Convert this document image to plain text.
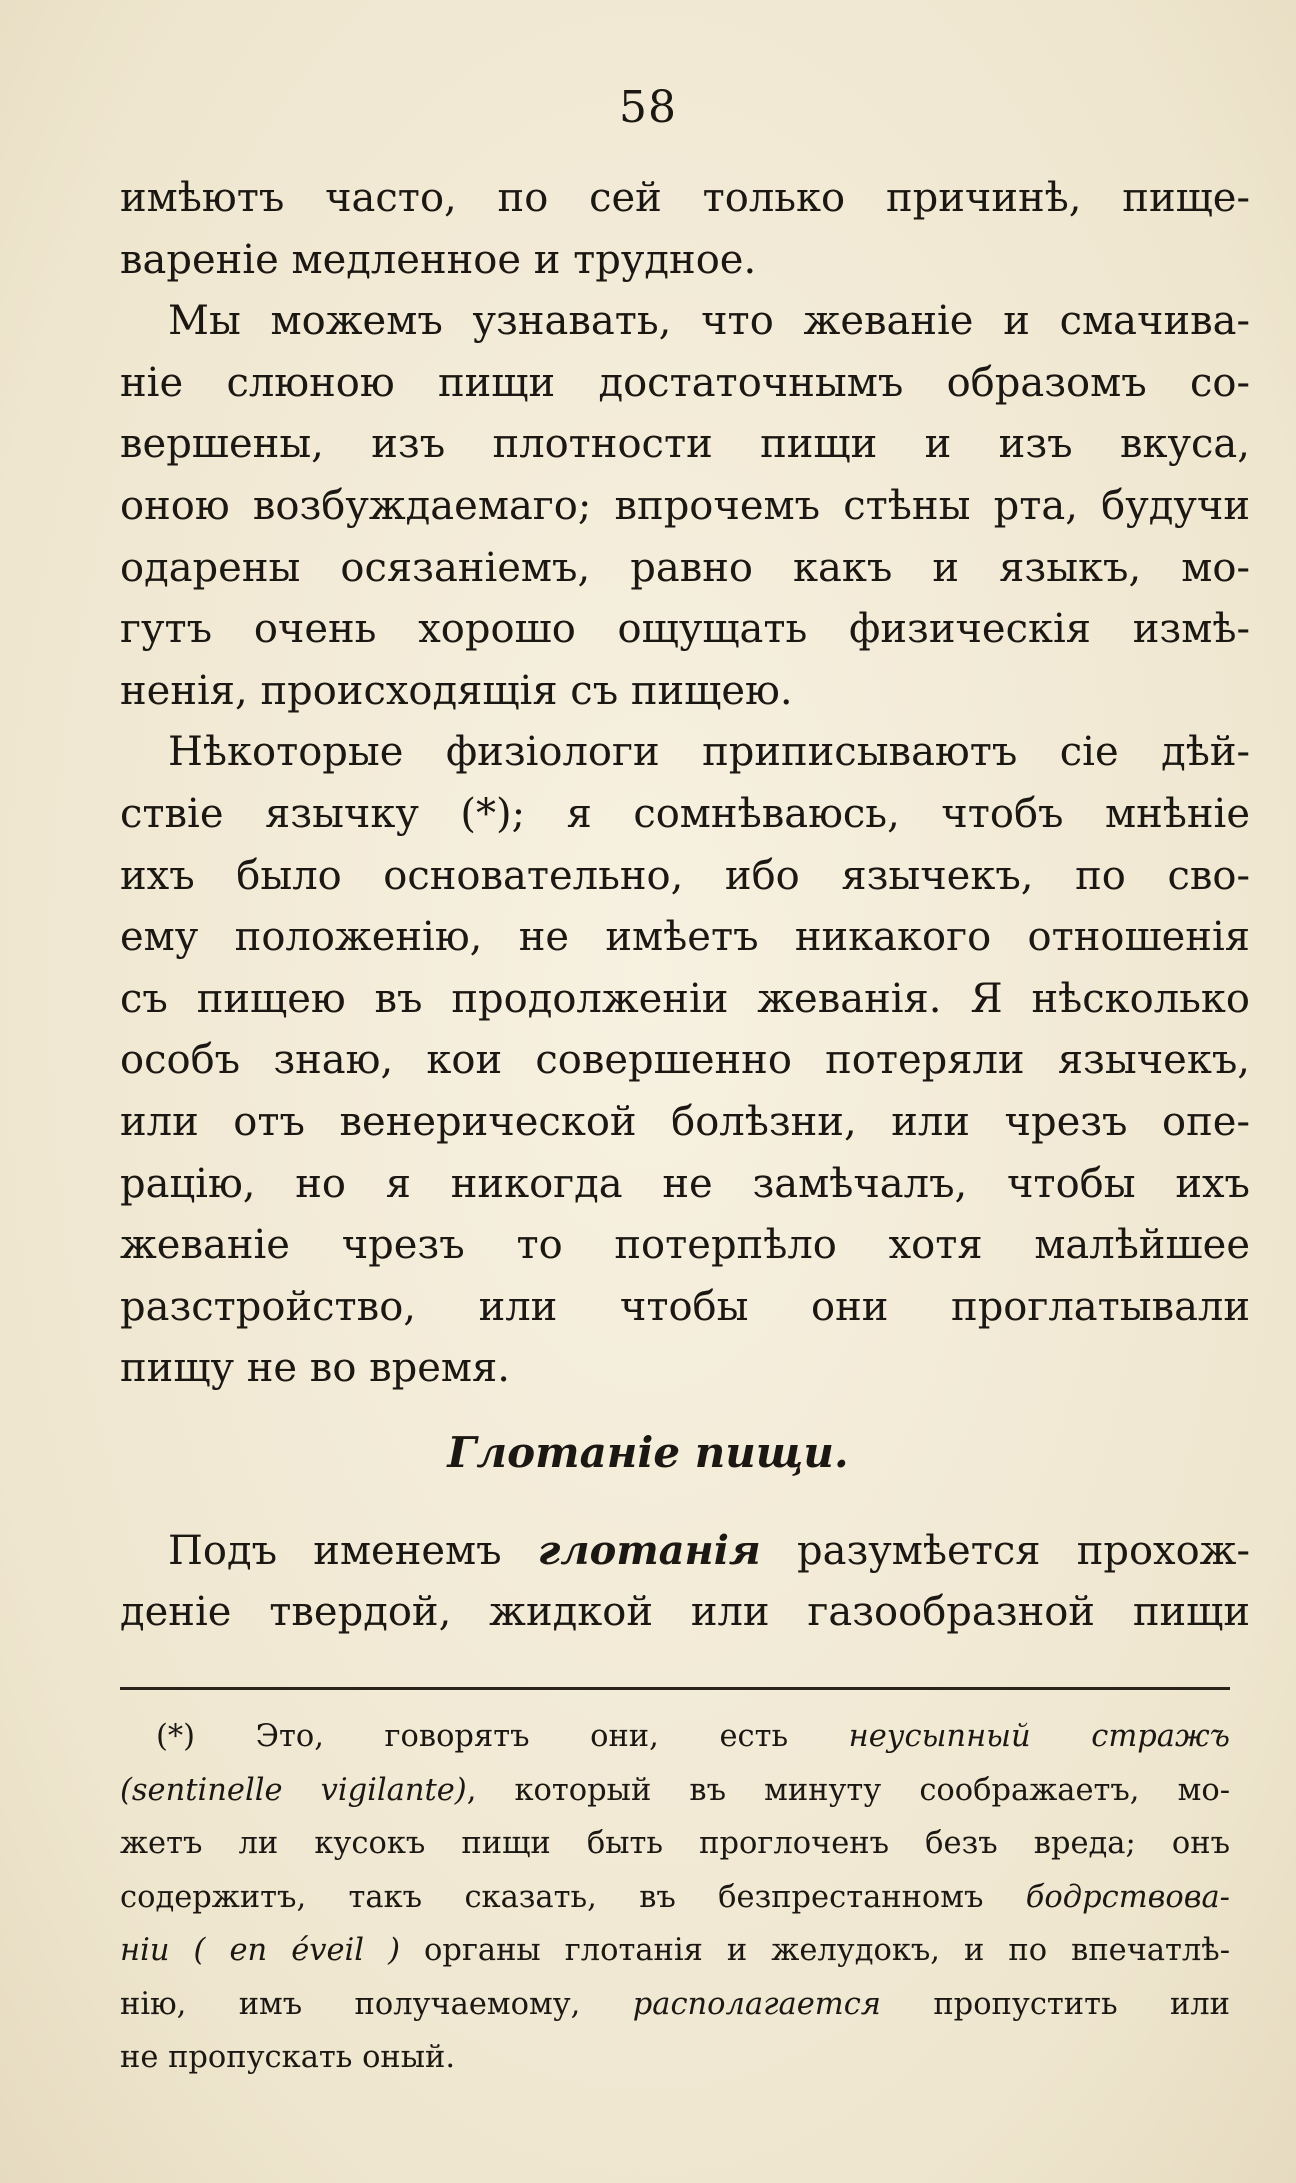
58
имѣютъ часто, по сей только причинѣ, пище-
вареніе медленное и трудное.
Мы можемъ узнавать, что жеваніе и смачива-
ніе слюною пищи достаточнымъ образомъ со-
вершены, изъ плотности пищи и изъ вкуса,
оною возбуждаемаго; впрочемъ стѣны рта, будучи
одарены осязаніемъ, равно какъ и языкъ, мо-
гутъ очень хорошо ощущать физическія измѣ-
ненія, происходящія съ пищею.
Нѣкоторые физіологи приписываютъ сіе дѣй-
ствіе язычку (*); я сомнѣваюсь, чтобъ мнѣніе
ихъ было основательно, ибо язычекъ, по сво-
ему положенію, не имѣетъ никакого отношенія
съ пищею въ продолженіи жеванія. Я нѣсколько
особъ знаю, кои совершенно потеряли язычекъ,
или отъ венерической болѣзни, или чрезъ опе-
рацію, но я никогда не замѣчалъ, чтобы ихъ
жеваніе чрезъ то потерпѣло хотя малѣйшее
разстройство, или чтобы они проглатывали
пищу не во время.
Глотаніе пищи.
Подъ именемъ глотанія разумѣется прохож-
деніе твердой, жидкой или газообразной пищи
(*) Это, говорятъ они, есть неусыпный стражъ
(sentinelle vigilante), который въ минуту соображаетъ, мо-
жетъ ли кусокъ пищи быть проглоченъ безъ вреда; онъ
содержитъ, такъ сказать, въ безпрестанномъ бодрствова-
ніи ( en éveil ) органы глотанія и желудокъ, и по впечатлѣ-
нію, имъ получаемому, располагается пропустить или
не пропускать оный.
